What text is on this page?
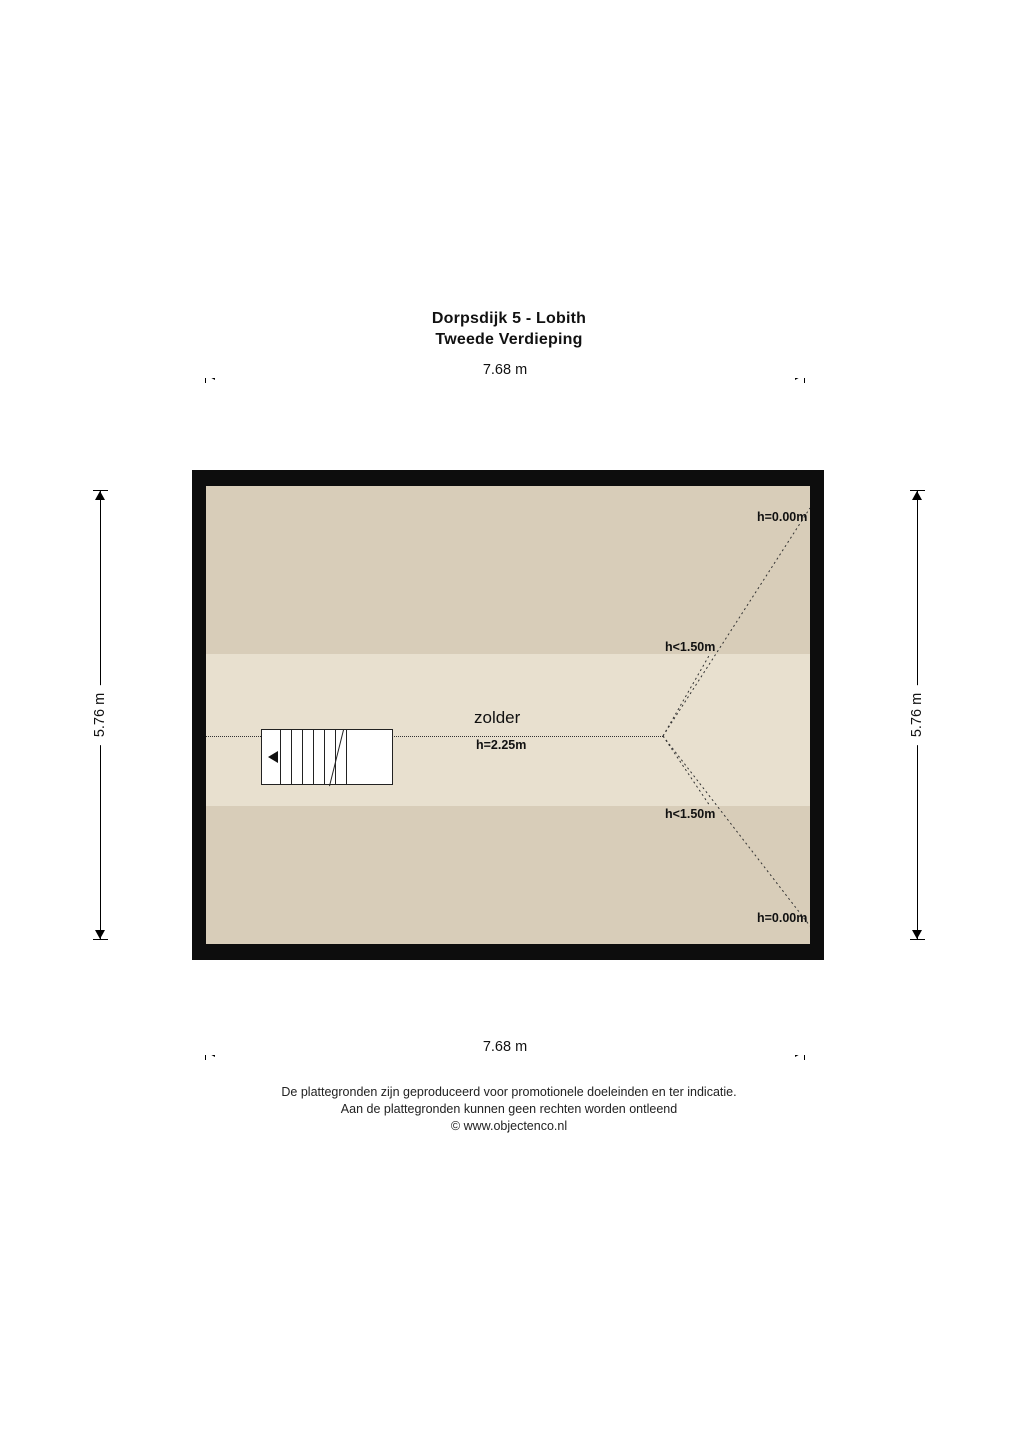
Dorpsdijk 5 - Lobith
Tweede Verdieping
7.68 m
5.76 m	5.76 m
zolder
h=2.25m
h=0.00m
h<1.50m
h<1.50m
h=0.00m
7.68 m
De plattegronden zijn geproduceerd voor promotionele doeleinden en ter indicatie.
Aan de plattegronden kunnen geen rechten worden ontleend
© www.objectenco.nl
